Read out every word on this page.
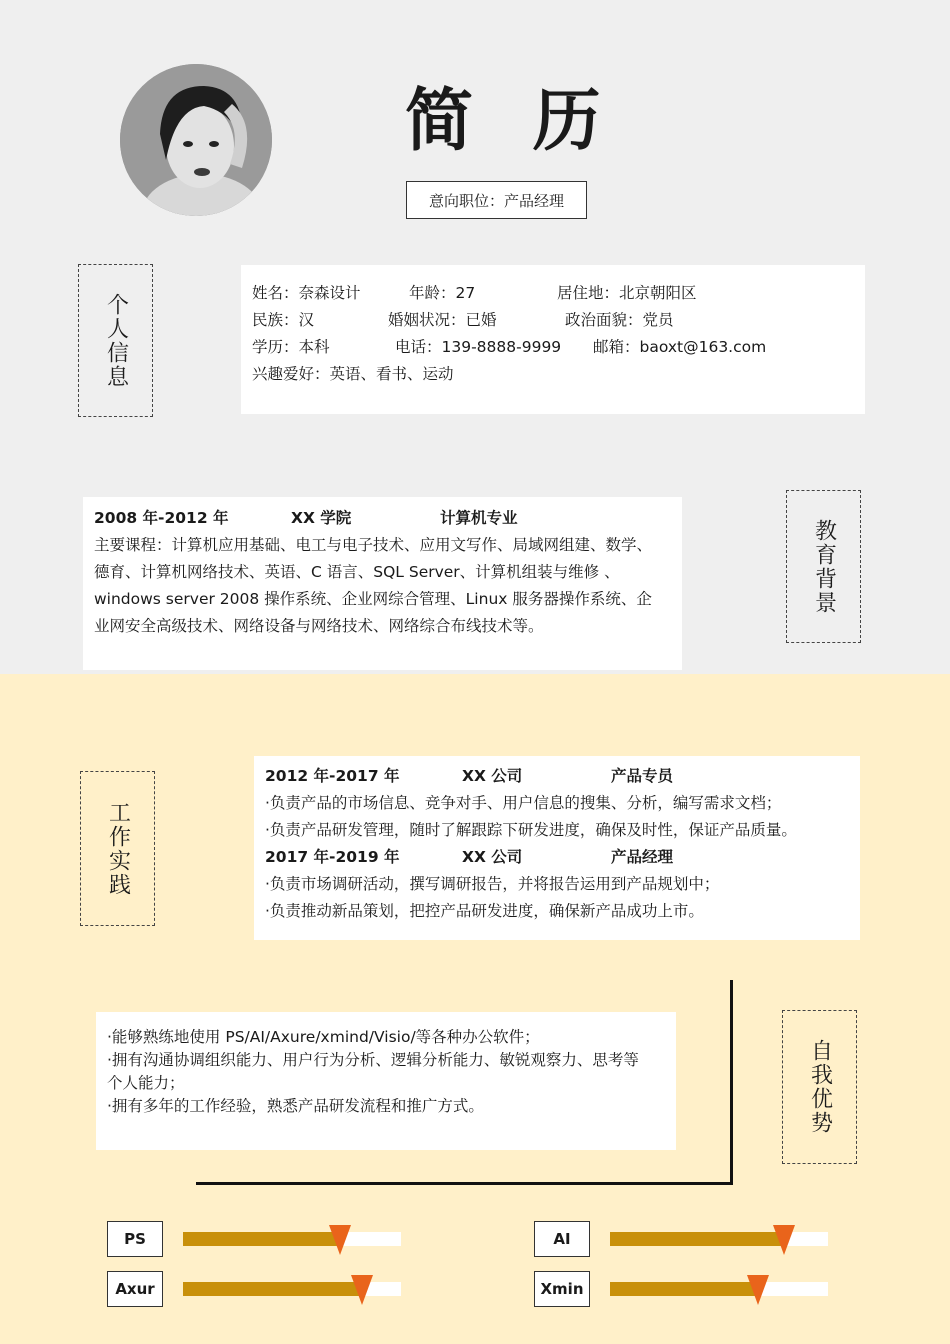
简 历
意向职位：产品经理
个人信息	姓名：奈森设计	年龄：27	居住地：北京朝阳区
民族：汉	婚姻状况：已婚	政治面貌：党员
学历：本科	电话：139-8888-9999	邮箱：baoxt@163.com
兴趣爱好：英语、看书、运动
2008 年-2012 年	XX 学院	计算机专业
主要课程：计算机应用基础、电工与电子技术、应用文写作、局域网组建、数学、
德育、计算机网络技术、英语、C 语言、SQL Server、计算机组装与维修 、
windows server 2008 操作系统、企业网综合管理、Linux 服务器操作系统、企
业网安全高级技术、网络设备与网络技术、网络综合布线技术等。
教育背景
工作实践
2012 年-2017 年	XX 公司	产品专员
·负责产品的市场信息、竞争对手、用户信息的搜集、分析，编写需求文档；
·负责产品研发管理，随时了解跟踪下研发进度，确保及时性，保证产品质量。
2017 年-2019 年	XX 公司	产品经理
·负责市场调研活动，撰写调研报告，并将报告运用到产品规划中；
·负责推动新品策划，把控产品研发进度，确保新产品成功上市。
·能够熟练地使用 PS/AI/Axure/xmind/Visio/等各种办公软件；
·拥有沟通协调组织能力、用户行为分析、逻辑分析能力、敏锐观察力、思考等
个人能力；
·拥有多年的工作经验，熟悉产品研发流程和推广方式。	自我优势
PS	AI
Axur	Xmin
